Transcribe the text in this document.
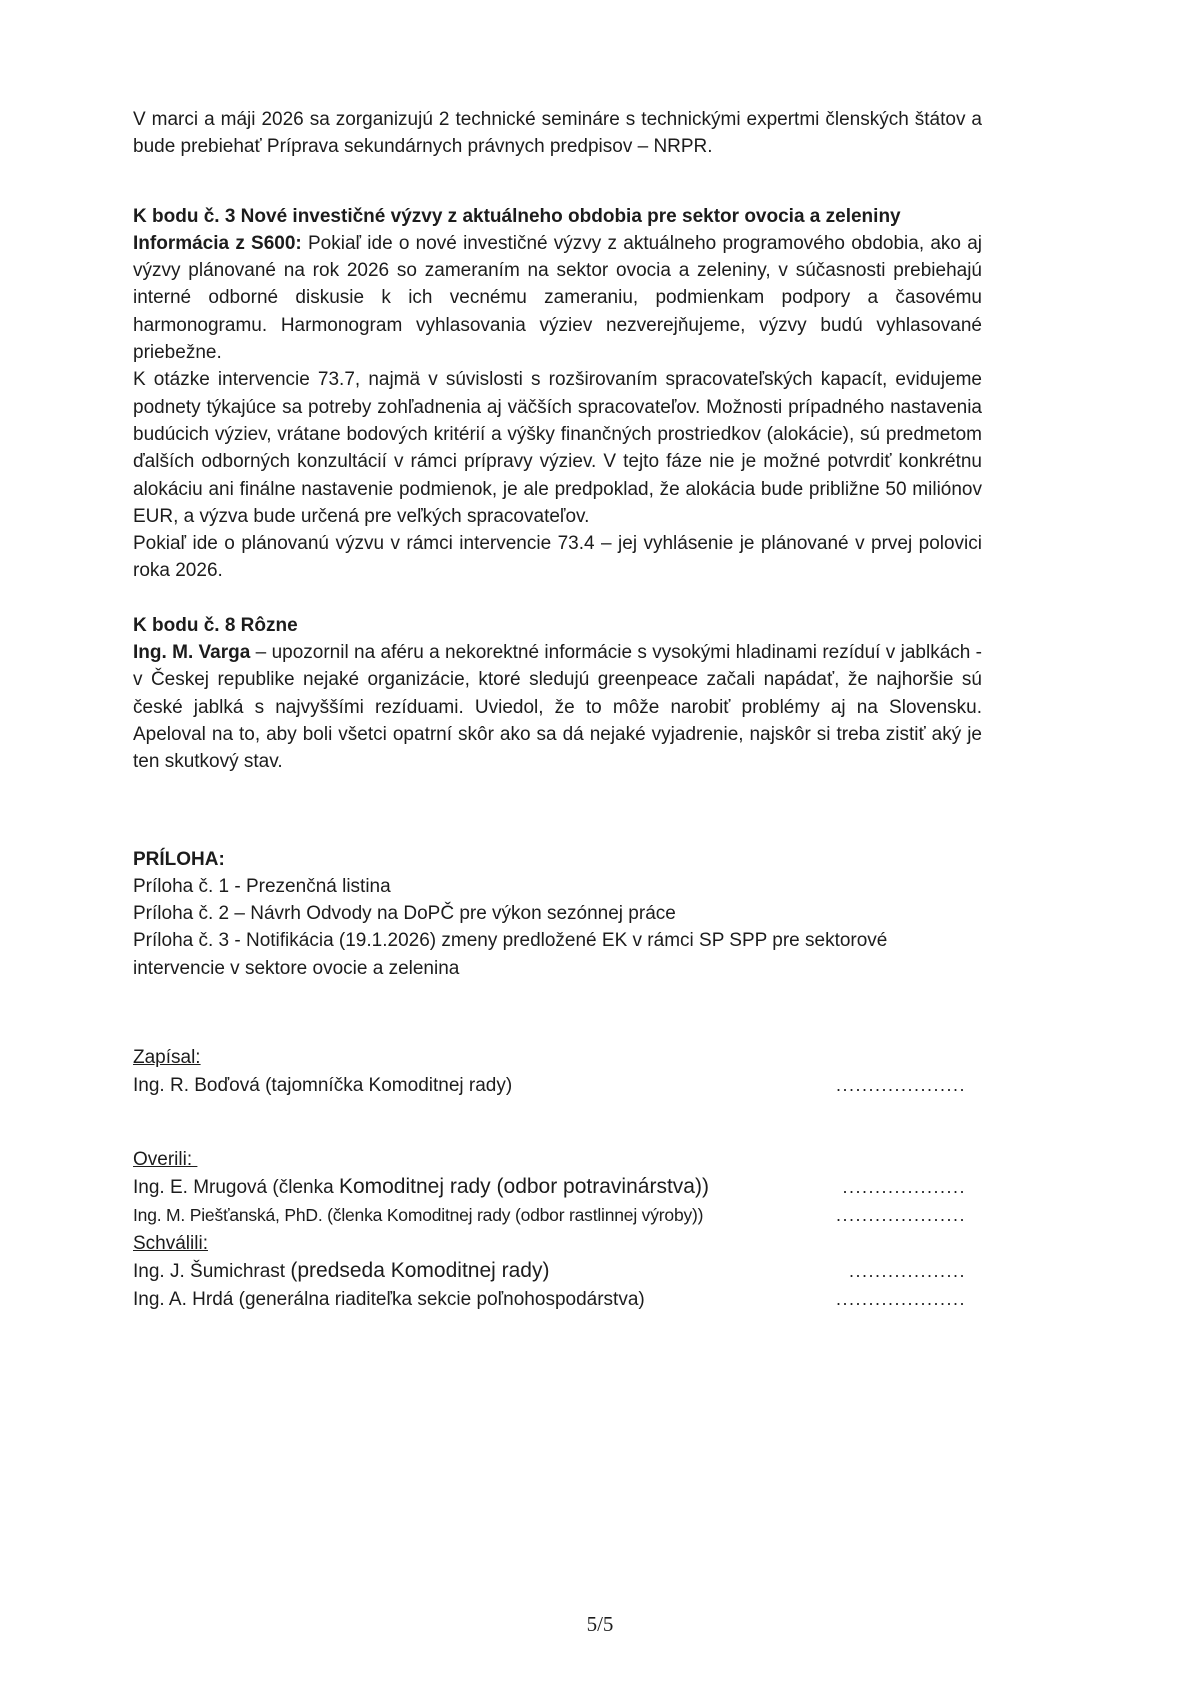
V marci a máji 2026 sa zorganizujú 2 technické semináre s technickými expertmi členských štátov a bude prebiehať Príprava sekundárnych právnych predpisov – NRPR.

K bodu č. 3 Nové investičné výzvy z aktuálneho obdobia pre sektor ovocia a zeleniny

Informácia z S600: Pokiaľ ide o nové investičné výzvy z aktuálneho programového obdobia, ako aj výzvy plánované na rok 2026 so zameraním na sektor ovocia a zeleniny, v súčasnosti prebiehajú interné odborné diskusie k ich vecnému zameraniu, podmienkam podpory a časovému harmonogramu. Harmonogram vyhlasovania výziev nezverejňujeme, výzvy budú vyhlasované priebežne.

K otázke intervencie 73.7, najmä v súvislosti s rozširovaním spracovateľských kapacít, evidujeme podnety týkajúce sa potreby zohľadnenia aj väčších spracovateľov. Možnosti prípadného nastavenia budúcich výziev, vrátane bodových kritérií a výšky finančných prostriedkov (alokácie), sú predmetom ďalších odborných konzultácií v rámci prípravy výziev. V tejto fáze nie je možné potvrdiť konkrétnu alokáciu ani finálne nastavenie podmienok, je ale predpoklad, že alokácia bude približne 50 miliónov EUR, a výzva bude určená pre veľkých spracovateľov.

Pokiaľ ide o plánovanú výzvu v rámci intervencie 73.4 – jej vyhlásenie je plánované v prvej polovici roka 2026.

K bodu č. 8 Rôzne

Ing. M. Varga – upozornil na aféru a nekorektné informácie s vysokými hladinami rezíduí v jablkách - v Českej republike nejaké organizácie, ktoré sledujú greenpeace začali napádať, že najhoršie sú české jablká s najvyššími rezíduami. Uviedol, že to môže narobiť problémy aj na Slovensku. Apeloval na to, aby boli všetci opatrní skôr ako sa dá nejaké vyjadrenie, najskôr si treba zistiť aký je ten skutkový stav.

PRÍLOHA:

Príloha č. 1 - Prezenčná listina

Príloha č. 2 – Návrh Odvody na DoPČ pre výkon sezónnej práce

Príloha č. 3 - Notifikácia (19.1.2026) zmeny predložené EK v rámci SP SPP pre sektorové intervencie v sektore ovocie a zelenina

Zapísal:

Ing. R. Boďová (tajomníčka Komoditnej rady)	....................

Overili:

Ing. E. Mrugová (členka Komoditnej rady (odbor potravinárstva))	...................
Ing. M. Piešťanská, PhD. (členka Komoditnej rady (odbor rastlinnej výroby))	....................

Schválili:

Ing. J. Šumichrast (predseda Komoditnej rady)	..................
Ing. A. Hrdá (generálna riaditeľka sekcie poľnohospodárstva)	....................
5/5
